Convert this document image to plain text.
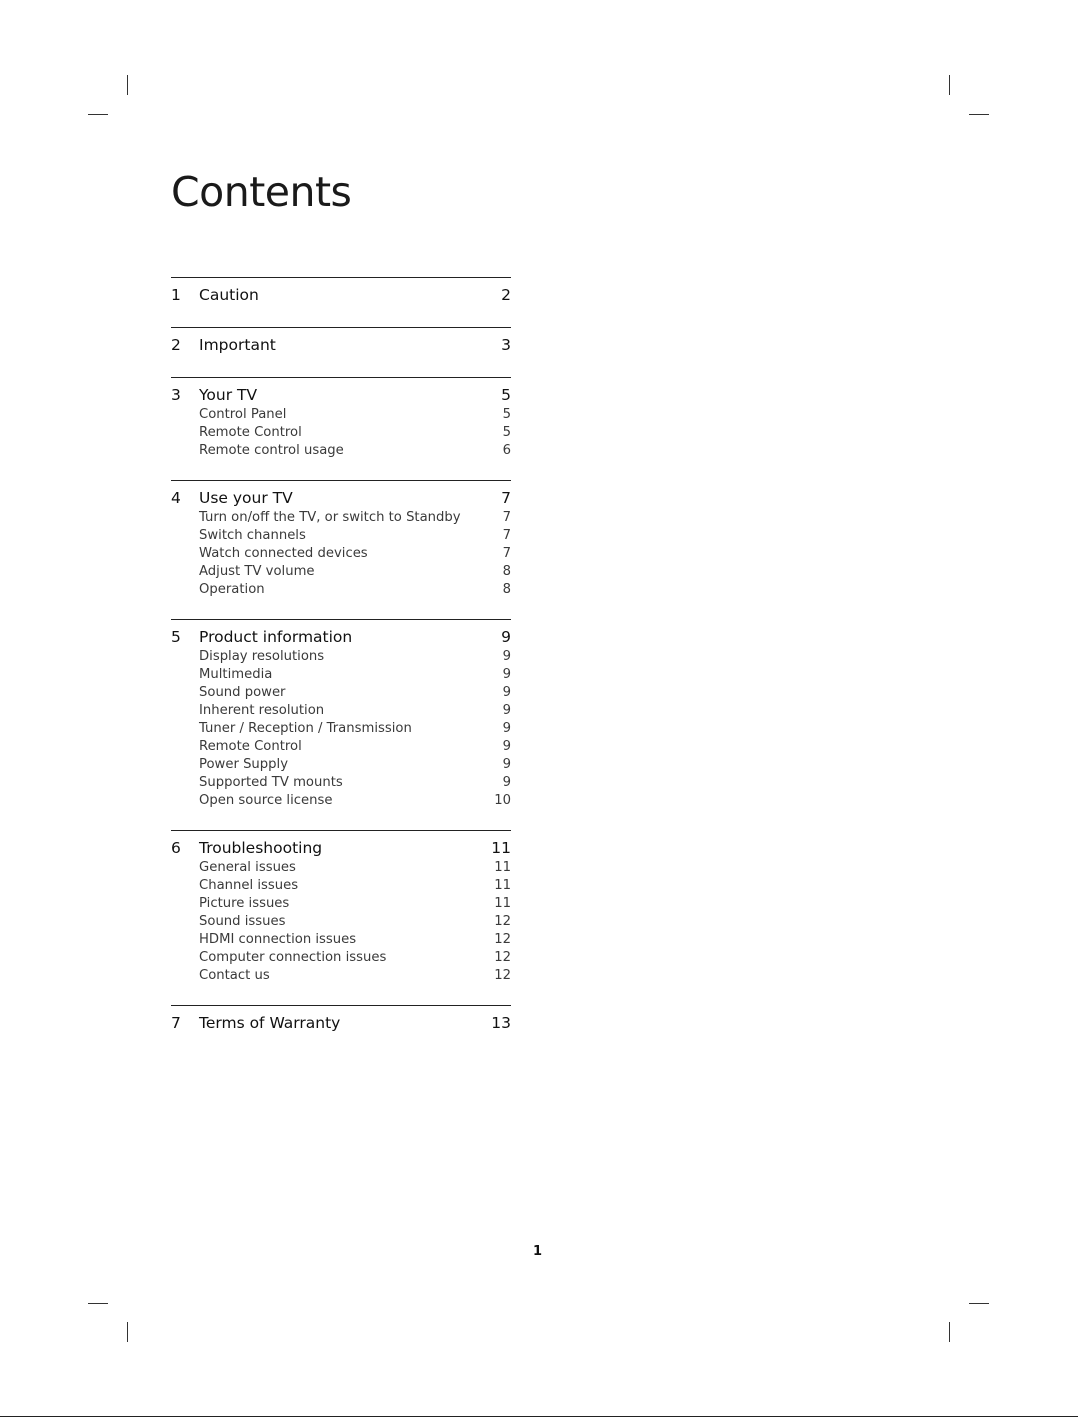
Contents
1	Caution	2
2	Important	3
3	Your TV	5
Control Panel	5
Remote Control	5
Remote control usage	6
4	Use your TV	7
Turn on/off the TV, or switch to Standby	7
Switch channels	7
Watch connected devices	7
Adjust TV volume	8
Operation	8
5	Product information	9
Display resolutions	9
Multimedia	9
Sound power	9
Inherent resolution	9
Tuner / Reception / Transmission	9
Remote Control	9
Power Supply	9
Supported TV mounts	9
Open source license	10
6	Troubleshooting	11
General issues	11
Channel issues	11
Picture issues	11
Sound issues	12
HDMI connection issues	12
Computer connection issues	12
Contact us	12
7	Terms of Warranty	13
1
